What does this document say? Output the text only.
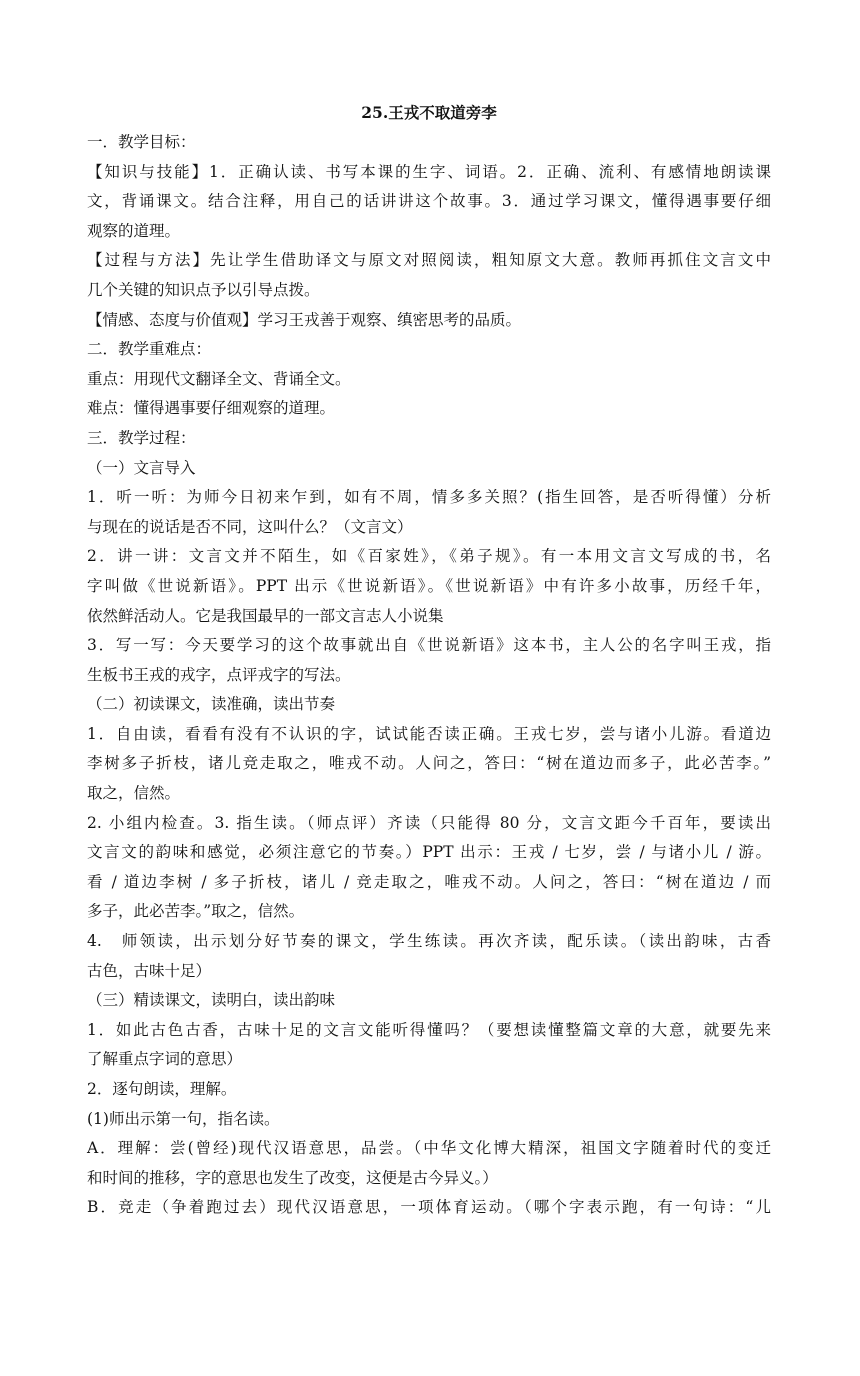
25.王戎不取道旁李

一．教学目标：

【知识与技能】1．正确认读、书写本课的生字、词语。2．正确、流利、有感情地朗读课

文，背诵课文。结合注释，用自己的话讲讲这个故事。3．通过学习课文，懂得遇事要仔细

观察的道理。

【过程与方法】先让学生借助译文与原文对照阅读，粗知原文大意。教师再抓住文言文中

几个关键的知识点予以引导点拨。

【情感、态度与价值观】学习王戎善于观察、缜密思考的品质。

二．教学重难点：

重点：用现代文翻译全文、背诵全文。

难点：懂得遇事要仔细观察的道理。

三．教学过程：

（一）文言导入

1．听一听：为师今日初来乍到，如有不周，情多多关照？(指生回答，是否听得懂）分析

与现在的说话是否不同，这叫什么？（文言文）

2．讲一讲：文言文并不陌生，如《百家姓》，《弟子规》。有一本用文言文写成的书，名

字叫做《世说新语》。PPT 出示《世说新语》。《世说新语》中有许多小故事，历经千年，

依然鲜活动人。它是我国最早的一部文言志人小说集

3．写一写：今天要学习的这个故事就出自《世说新语》这本书，主人公的名字叫王戎，指

生板书王戎的戎字，点评戎字的写法。

（二）初读课文，读准确，读出节奏

1．自由读，看看有没有不认识的字，试试能否读正确。王戎七岁，尝与诸小儿游。看道边

李树多子折枝，诸儿竞走取之，唯戎不动。人问之，答曰：“树在道边而多子，此必苦李。”

取之，信然。

2. 小组内检查。3. 指生读。（师点评）齐读（只能得 80 分，文言文距今千百年，要读出

文言文的韵味和感觉，必须注意它的节奏。）PPT 出示：王戎 / 七岁，尝 / 与诸小儿 / 游。

看 / 道边李树 / 多子折枝，诸儿 / 竞走取之，唯戎不动。人问之，答曰：“树在道边 / 而

多子，此必苦李。”取之，信然。

4.　师领读，出示划分好节奏的课文，学生练读。再次齐读，配乐读。（读出韵味，古香

古色，古味十足）

（三）精读课文，读明白，读出韵味

1．如此古色古香，古味十足的文言文能听得懂吗？（要想读懂整篇文章的大意，就要先来

了解重点字词的意思）

2．逐句朗读，理解。

(1)师出示第一句，指名读。

A．理解：尝(曾经)现代汉语意思，品尝。（中华文化博大精深，祖国文字随着时代的变迁

和时间的推移，字的意思也发生了改变，这便是古今异义。）

B．竞走（争着跑过去）现代汉语意思，一项体育运动。（哪个字表示跑，有一句诗：“儿
